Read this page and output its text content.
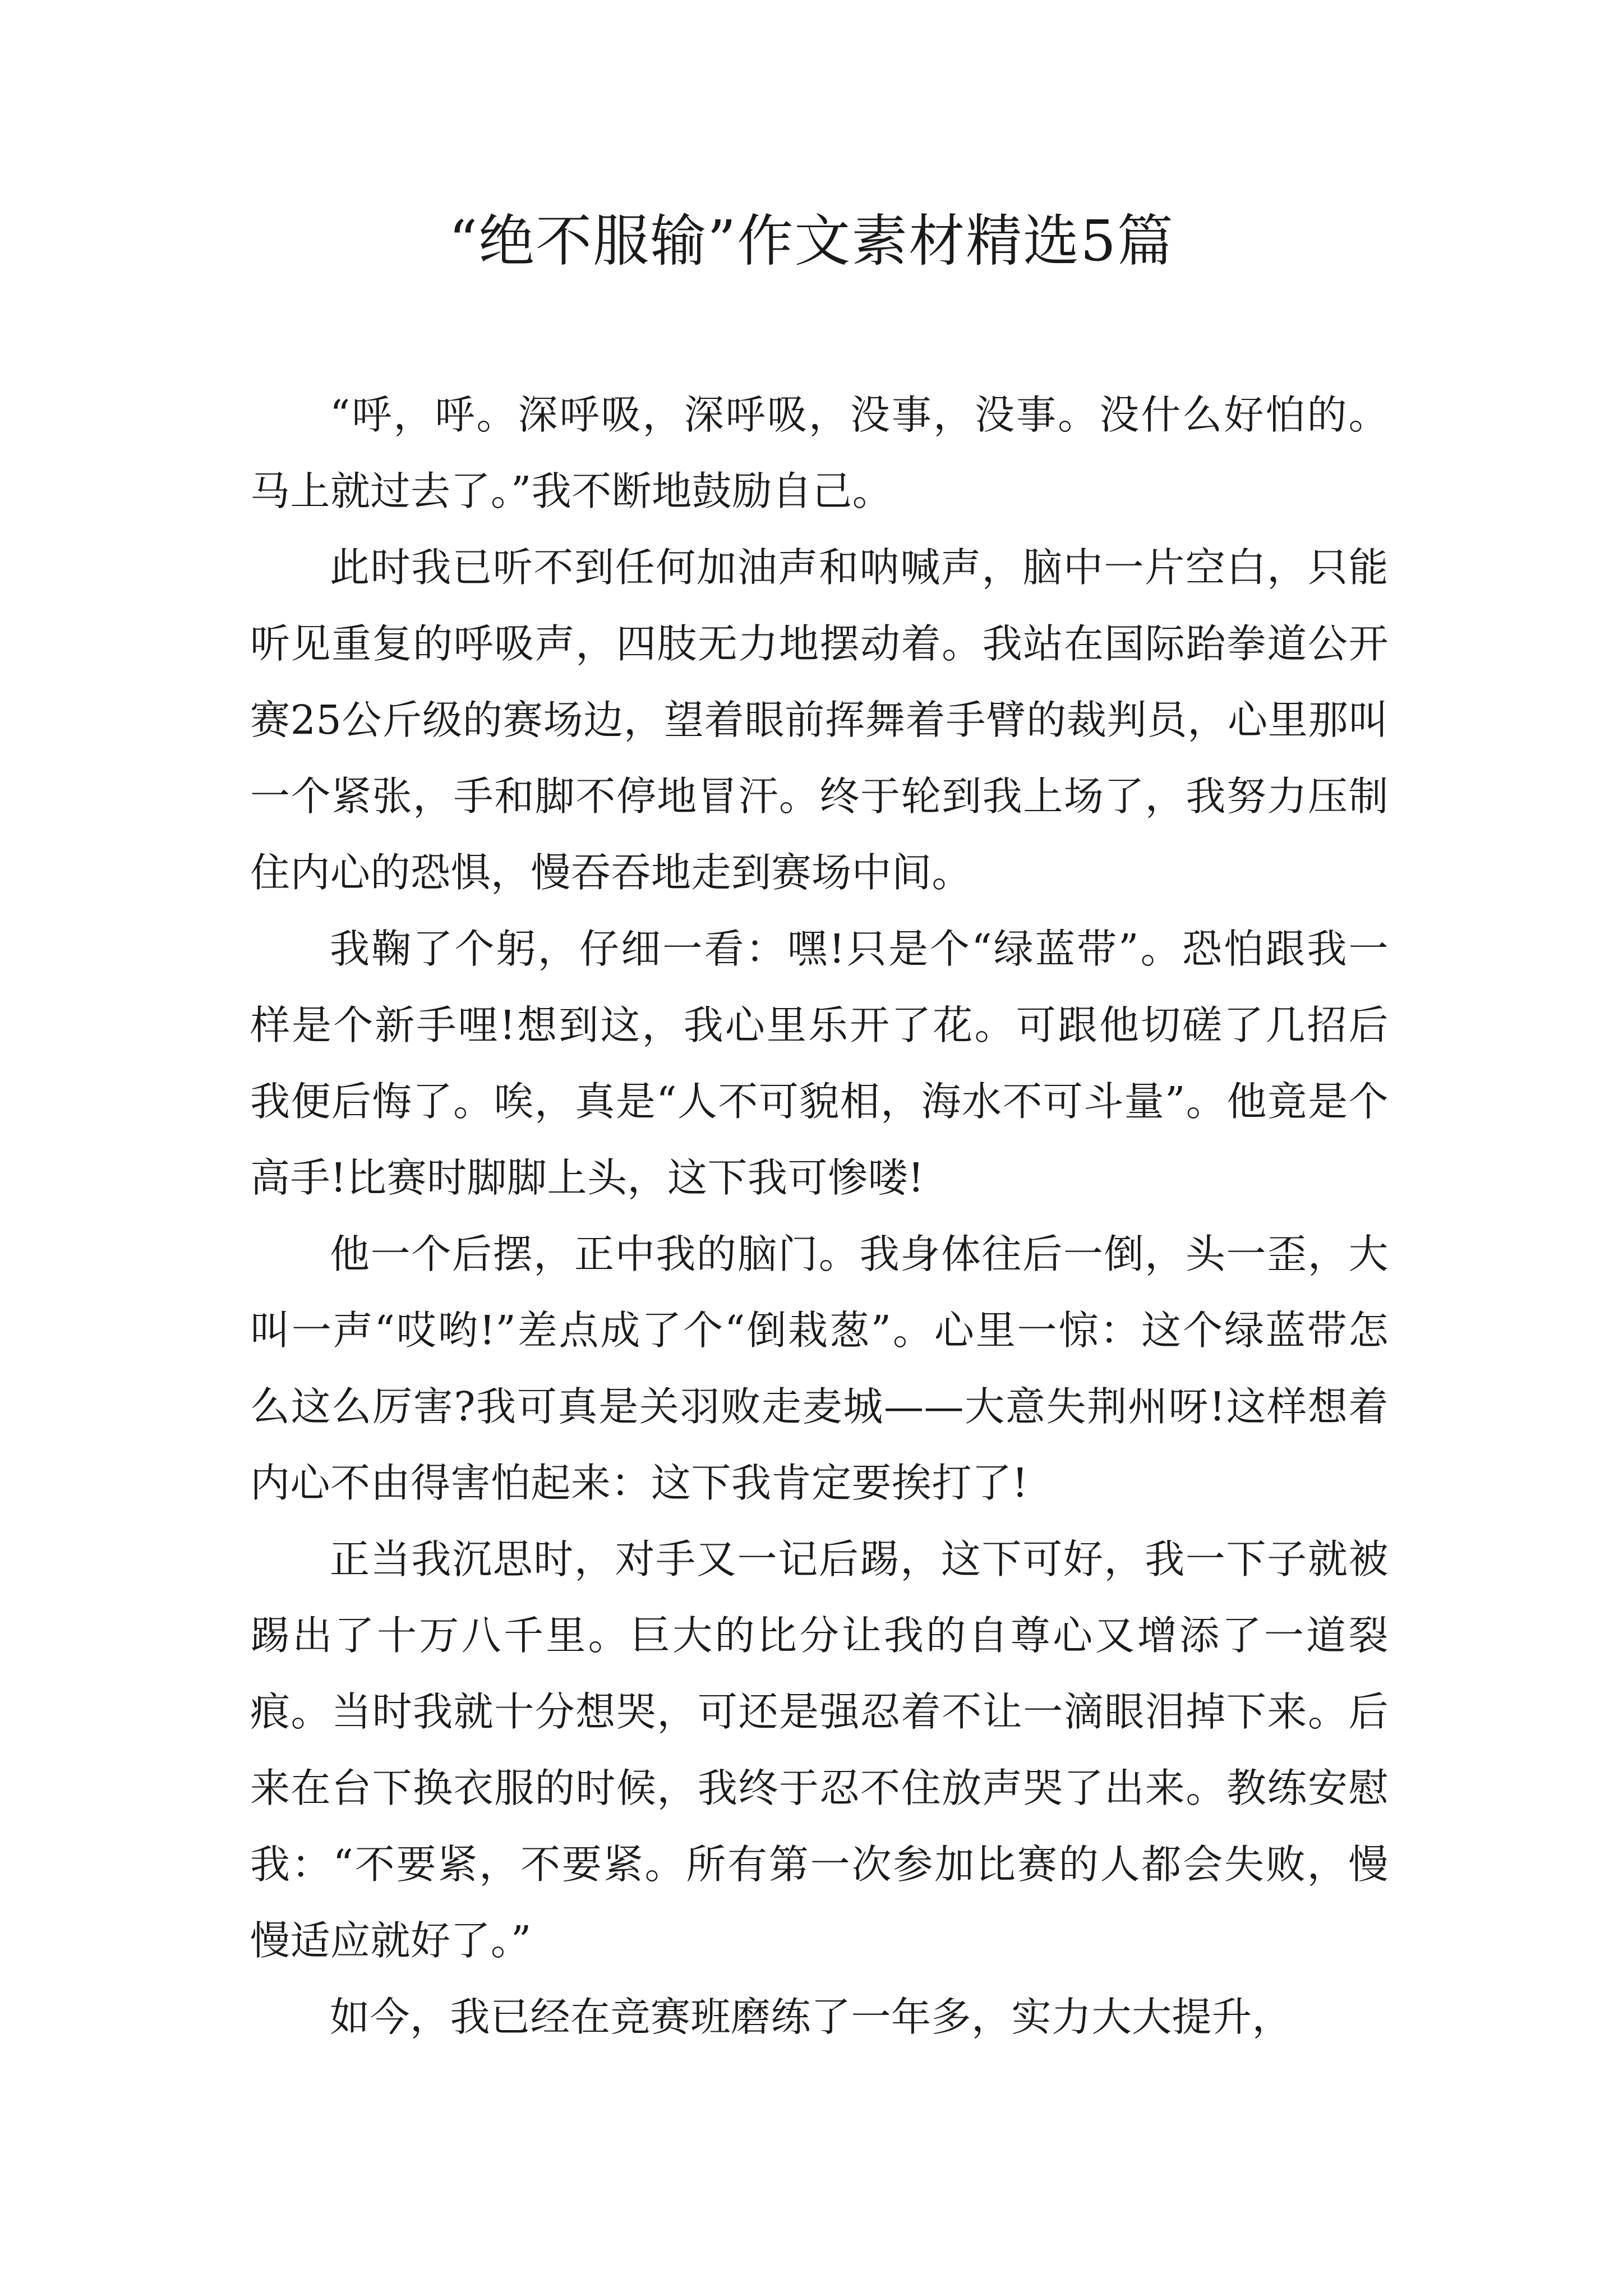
“绝不服输”作文素材精选5篇

“呼，呼。深呼吸，深呼吸，没事，没事。没什么好怕的。马上就过去了。”我不断地鼓励自己。

此时我已听不到任何加油声和呐喊声，脑中一片空白，只能听见重复的呼吸声，四肢无力地摆动着。我站在国际跆拳道公开赛25公斤级的赛场边，望着眼前挥舞着手臂的裁判员，心里那叫一个紧张，手和脚不停地冒汗。终于轮到我上场了，我努力压制住内心的恐惧，慢吞吞地走到赛场中间。

我鞠了个躬，仔细一看：嘿!只是个“绿蓝带”。恐怕跟我一样是个新手哩!想到这，我心里乐开了花。可跟他切磋了几招后我便后悔了。唉，真是“人不可貌相，海水不可斗量”。他竟是个高手!比赛时脚脚上头，这下我可惨喽!

他一个后摆，正中我的脑门。我身体往后一倒，头一歪，大叫一声“哎哟!”差点成了个“倒栽葱”。心里一惊：这个绿蓝带怎么这么厉害?我可真是关羽败走麦城——大意失荆州呀!这样想着内心不由得害怕起来：这下我肯定要挨打了!

正当我沉思时，对手又一记后踢，这下可好，我一下子就被踢出了十万八千里。巨大的比分让我的自尊心又增添了一道裂痕。当时我就十分想哭，可还是强忍着不让一滴眼泪掉下来。后来在台下换衣服的时候，我终于忍不住放声哭了出来。教练安慰我：“不要紧，不要紧。所有第一次参加比赛的人都会失败，慢慢适应就好了。”

如今，我已经在竞赛班磨练了一年多，实力大大提升，
